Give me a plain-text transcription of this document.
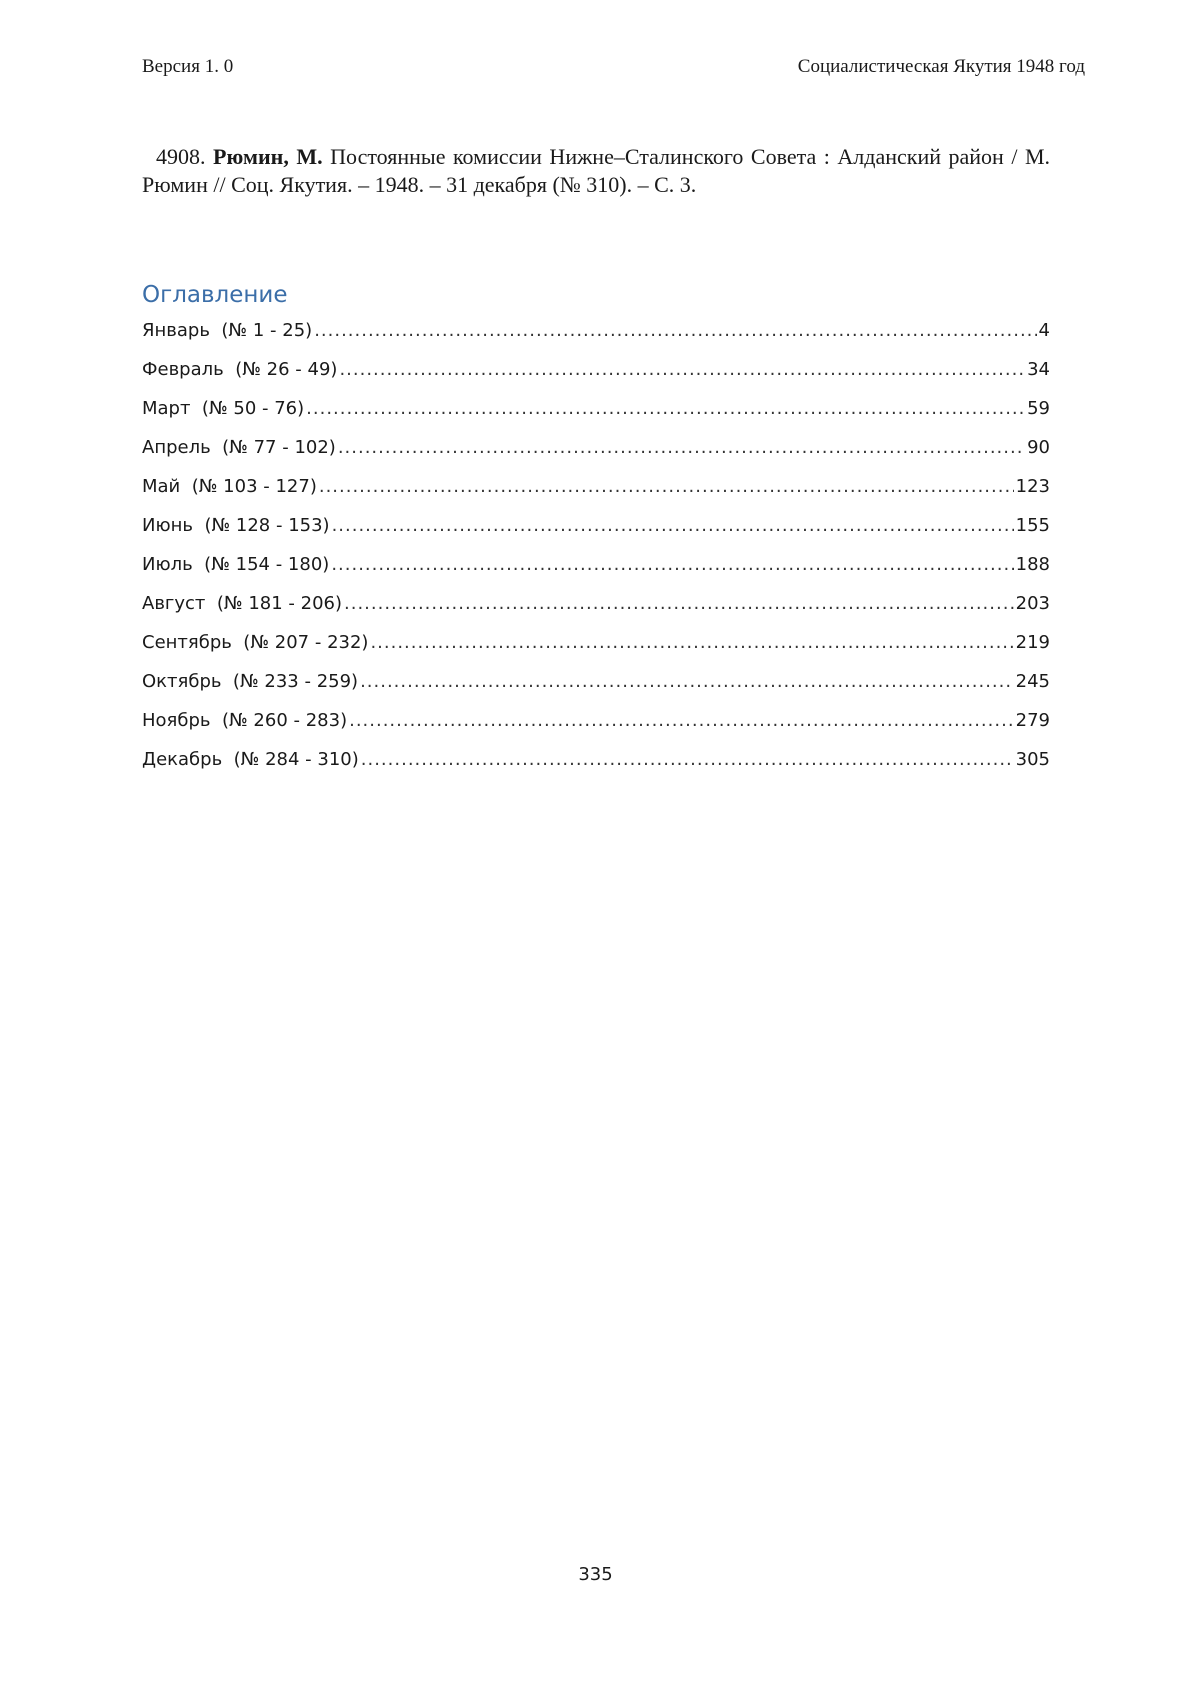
Версия 1. 0	Социалистическая Якутия 1948 год
4908. Рюмин, М. Постоянные комиссии Нижне–Сталинского Совета : Алданский район / М. Рюмин // Соц. Якутия. – 1948. – 31 декабря (№ 310). – С. 3.
Оглавление
Январь  (№ 1 - 25) .....	4
Февраль  (№ 26 - 49) .....	34
Март  (№ 50 - 76) .....	59
Апрель  (№ 77 - 102) .....	90
Май  (№ 103 - 127) .....	123
Июнь  (№ 128 - 153) .....	155
Июль  (№ 154 - 180) .....	188
Август  (№ 181 - 206) .....	203
Сентябрь  (№ 207 - 232) .....	219
Октябрь  (№ 233 - 259) .....	245
Ноябрь  (№ 260 - 283) .....	279
Декабрь  (№ 284 - 310) .....	305
335
